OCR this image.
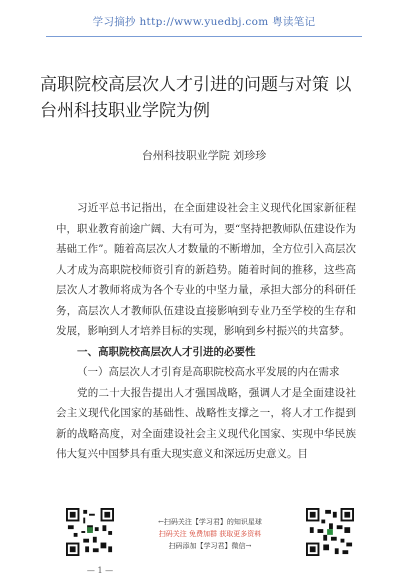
学习摘抄 http://www.yuedbj.com 粤读笔记
高职院校高层次人才引进的问题与对策 以台州科技职业学院为例
台州科技职业学院 刘珍珍

习近平总书记指出，在全面建设社会主义现代化国家新征程中，职业教育前途广阔、大有可为，要“坚持把教师队伍建设作为基础工作”。随着高层次人才数量的不断增加，全方位引入高层次人才成为高职院校师资引育的新趋势。随着时间的推移，这些高层次人才教师将成为各个专业的中坚力量，承担大部分的科研任务，高层次人才教师队伍建设直接影响到专业乃至学校的生存和发展，影响到人才培养目标的实现，影响到乡村振兴的共富梦。

一、高职院校高层次人才引进的必要性

（一）高层次人才引育是高职院校高水平发展的内在需求

党的二十大报告提出人才强国战略，强调人才是全面建设社会主义现代化国家的基础性、战略性支撑之一，将人才工作提到新的战略高度，对全面建设社会主义现代化国家、实现中华民族伟大复兴中国梦具有重大现实意义和深远历史意义。目

←扫码关注【学习君】的知识星球
扫码关注 免费加群 获取更多资料
扫码添加【学习君】微信→
— 1 —
